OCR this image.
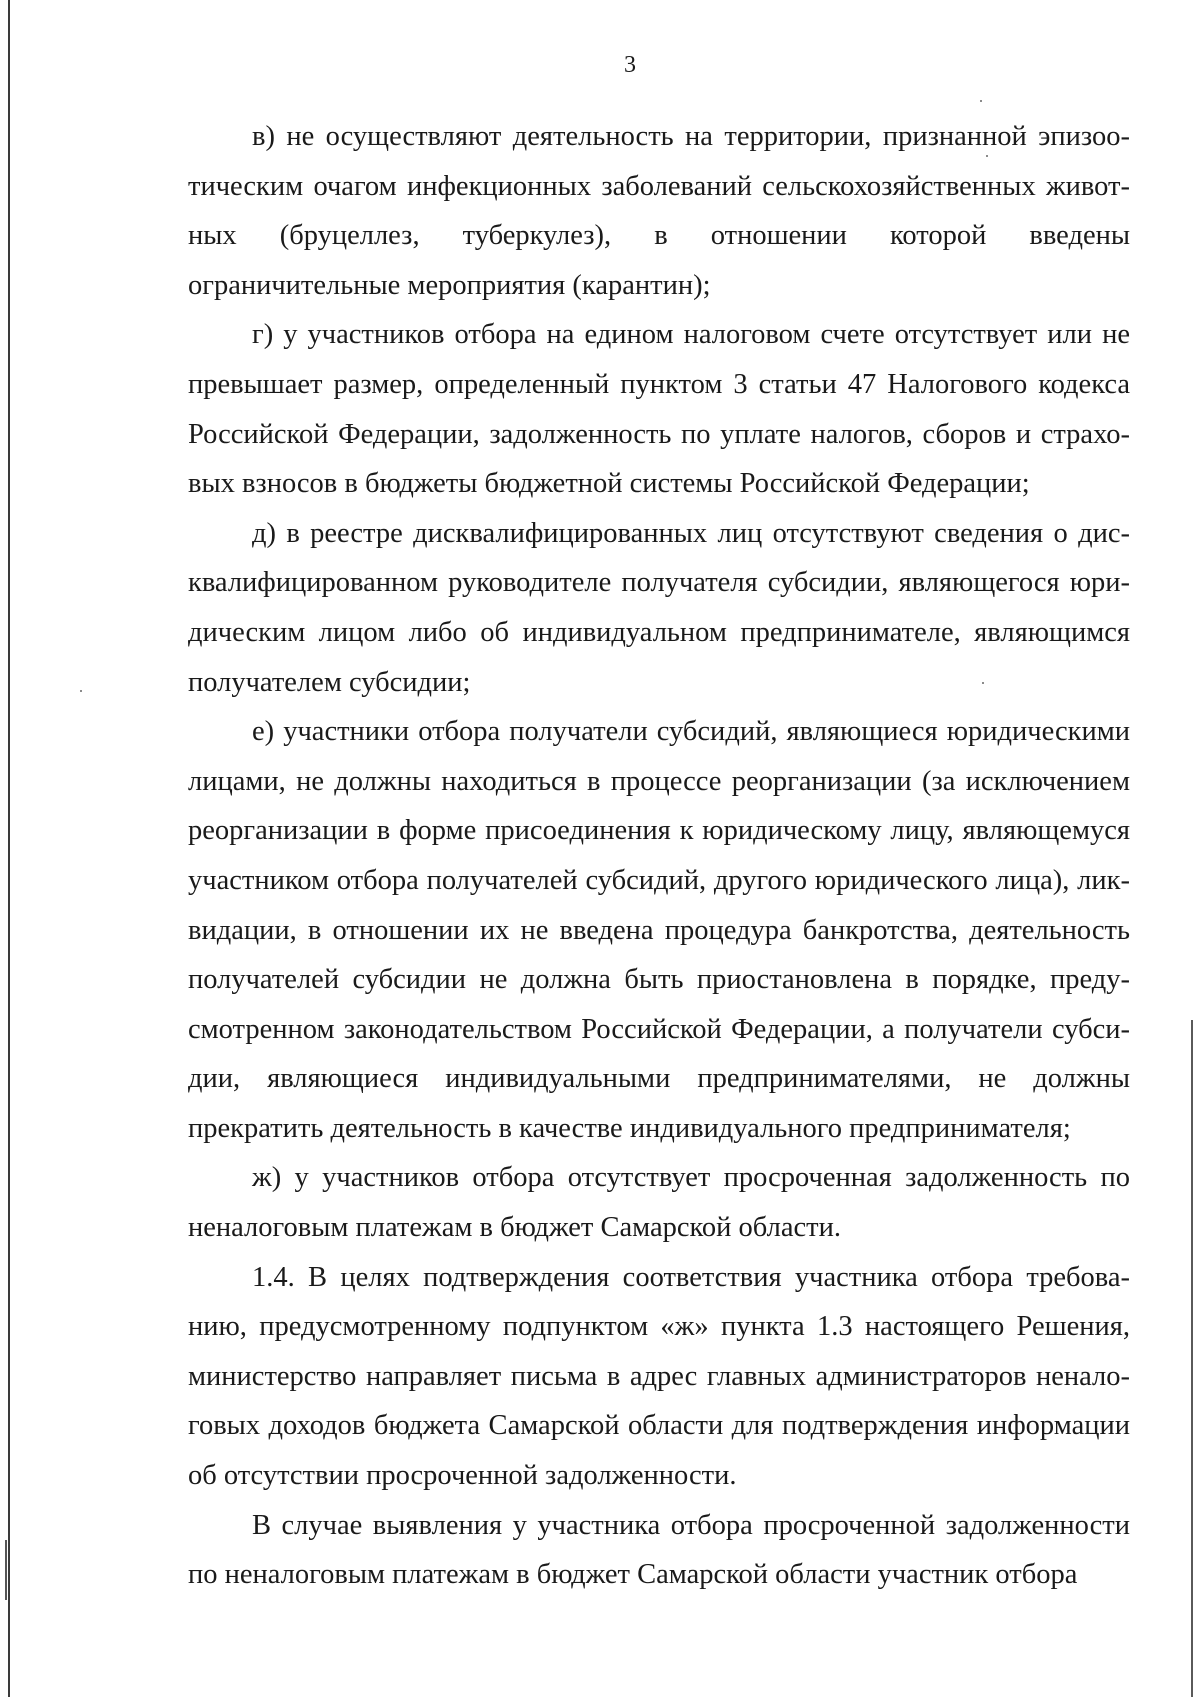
3

в) не осуществляют деятельность на территории, признанной эпизоотическим очагом инфекционных заболеваний сельскохозяйственных животных (бруцеллез, туберкулез), в отношении которой введены ограничительные мероприятия (карантин);

г) у участников отбора на едином налоговом счете отсутствует или не превышает размер, определенный пунктом 3 статьи 47 Налогового кодекса Российской Федерации, задолженность по уплате налогов, сборов и страховых взносов в бюджеты бюджетной системы Российской Федерации;

д) в реестре дисквалифицированных лиц отсутствуют сведения о дисквалифицированном руководителе получателя субсидии, являющегося юридическим лицом либо об индивидуальном предпринимателе, являющимся получателем субсидии;

е) участники отбора получатели субсидий, являющиеся юридическими лицами, не должны находиться в процессе реорганизации (за исключением реорганизации в форме присоединения к юридическому лицу, являющемуся участником отбора получателей субсидий, другого юридического лица), ликвидации, в отношении их не введена процедура банкротства, деятельность получателей субсидии не должна быть приостановлена в порядке, предусмотренном законодательством Российской Федерации, а получатели субсидии, являющиеся индивидуальными предпринимателями, не должны прекратить деятельность в качестве индивидуального предпринимателя;

ж) у участников отбора отсутствует просроченная задолженность по неналоговым платежам в бюджет Самарской области.

1.4. В целях подтверждения соответствия участника отбора требованию, предусмотренному подпунктом «ж» пункта 1.3 настоящего Решения, министерство направляет письма в адрес главных администраторов неналоговых доходов бюджета Самарской области для подтверждения информации об отсутствии просроченной задолженности.

В случае выявления у участника отбора просроченной задолженности по неналоговым платежам в бюджет Самарской области участник отбора
